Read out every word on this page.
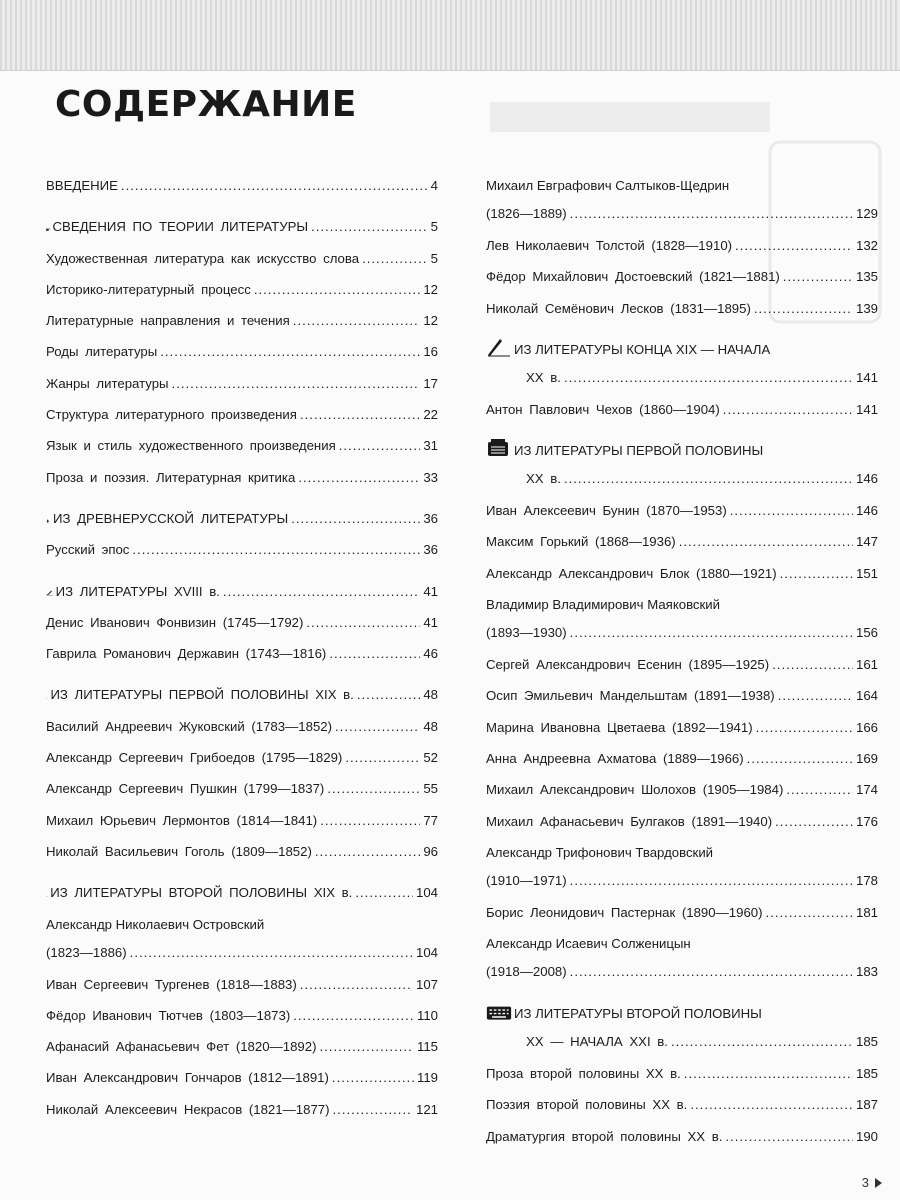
СОДЕРЖАНИЕ
ВВЕДЕНИЕ .....	4
СВЕДЕНИЯ ПО ТЕОРИИ ЛИТЕРАТУРЫ .....	5
Художественная литература как искусство слова .....	5
Историко-литературный процесс .....	12
Литературные направления и течения .....	12
Роды литературы .....	16
Жанры литературы .....	17
Структура литературного произведения .....	22
Язык и стиль художественного произведения .....	31
Проза и поэзия. Литературная критика .....	33
ИЗ ДРЕВНЕРУССКОЙ ЛИТЕРАТУРЫ .....	36
Русский эпос .....	36
ИЗ ЛИТЕРАТУРЫ XVIII в. .....	41
Денис Иванович Фонвизин (1745—1792) .....	41
Гаврила Романович Державин (1743—1816) .....	46
ИЗ ЛИТЕРАТУРЫ ПЕРВОЙ ПОЛОВИНЫ XIX в. .....	48
Василий Андреевич Жуковский (1783—1852) .....	48
Александр Сергеевич Грибоедов (1795—1829) .....	52
Александр Сергеевич Пушкин (1799—1837) .....	55
Михаил Юрьевич Лермонтов (1814—1841) .....	77
Николай Васильевич Гоголь (1809—1852) .....	96
ИЗ ЛИТЕРАТУРЫ ВТОРОЙ ПОЛОВИНЫ XIX в. .....	104
Александр Николаевич Островский
(1823—1886) .....	104
Иван Сергеевич Тургенев (1818—1883) .....	107
Фёдор Иванович Тютчев (1803—1873) .....	110
Афанасий Афанасьевич Фет (1820—1892) .....	115
Иван Александрович Гончаров (1812—1891) .....	119
Николай Алексеевич Некрасов (1821—1877) .....	121
Михаил Евграфович Салтыков-Щедрин
(1826—1889) .....	129
Лев Николаевич Толстой (1828—1910) .....	132
Фёдор Михайлович Достоевский (1821—1881) .....	135
Николай Семёнович Лесков (1831—1895) .....	139
ИЗ ЛИТЕРАТУРЫ КОНЦА XIX — НАЧАЛА
XX в. .....	141
Антон Павлович Чехов (1860—1904) .....	141
ИЗ ЛИТЕРАТУРЫ ПЕРВОЙ ПОЛОВИНЫ
XX в. .....	146
Иван Алексеевич Бунин (1870—1953) .....	146
Максим Горький (1868—1936) .....	147
Александр Александрович Блок (1880—1921) .....	151
Владимир Владимирович Маяковский
(1893—1930) .....	156
Сергей Александрович Есенин (1895—1925) .....	161
Осип Эмильевич Мандельштам (1891—1938) .....	164
Марина Ивановна Цветаева (1892—1941) .....	166
Анна Андреевна Ахматова (1889—1966) .....	169
Михаил Александрович Шолохов (1905—1984) .....	174
Михаил Афанасьевич Булгаков (1891—1940) .....	176
Александр Трифонович Твардовский
(1910—1971) .....	178
Борис Леонидович Пастернак (1890—1960) .....	181
Александр Исаевич Солженицын
(1918—2008) .....	183
ИЗ ЛИТЕРАТУРЫ ВТОРОЙ ПОЛОВИНЫ
XX — НАЧАЛА XXI в. .....	185
Проза второй половины XX в. .....	185
Поэзия второй половины XX в. .....	187
Драматургия второй половины XX в. .....	190
3
